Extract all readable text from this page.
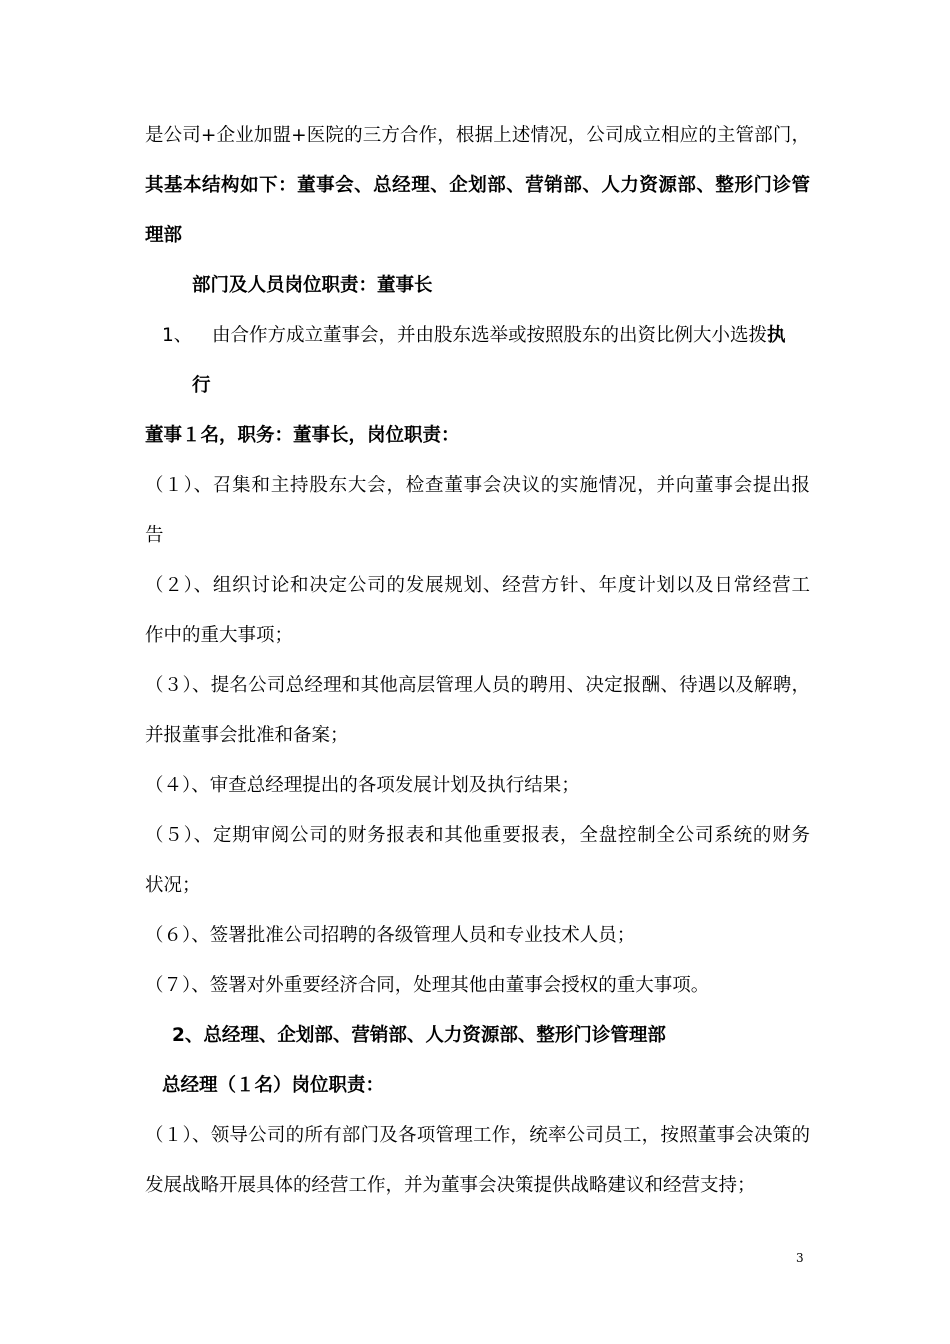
是公司+企业加盟+医院的三方合作，根据上述情况，公司成立相应的主管部门，
其基本结构如下：董事会、总经理、企划部、营销部、人力资源部、整形门诊管
理部
部门及人员岗位职责：董事长
1、 由合作方成立董事会，并由股东选举或按照股东的出资比例大小选拨执
行
董事１名，职务：董事长，岗位职责：
（１）、召集和主持股东大会，检查董事会决议的实施情况，并向董事会提出报
告
（２）、组织讨论和决定公司的发展规划、经营方针、年度计划以及日常经营工
作中的重大事项；
（３）、提名公司总经理和其他高层管理人员的聘用、决定报酬、待遇以及解聘，
并报董事会批准和备案；
（４）、审查总经理提出的各项发展计划及执行结果；
（５）、定期审阅公司的财务报表和其他重要报表，全盘控制全公司系统的财务
状况；
（６）、签署批准公司招聘的各级管理人员和专业技术人员；
（７）、签署对外重要经济合同，处理其他由董事会授权的重大事项。
2、总经理、企划部、营销部、人力资源部、整形门诊管理部
总经理（１名）岗位职责：
（１）、领导公司的所有部门及各项管理工作，统率公司员工，按照董事会决策的
发展战略开展具体的经营工作，并为董事会决策提供战略建议和经营支持；
3
